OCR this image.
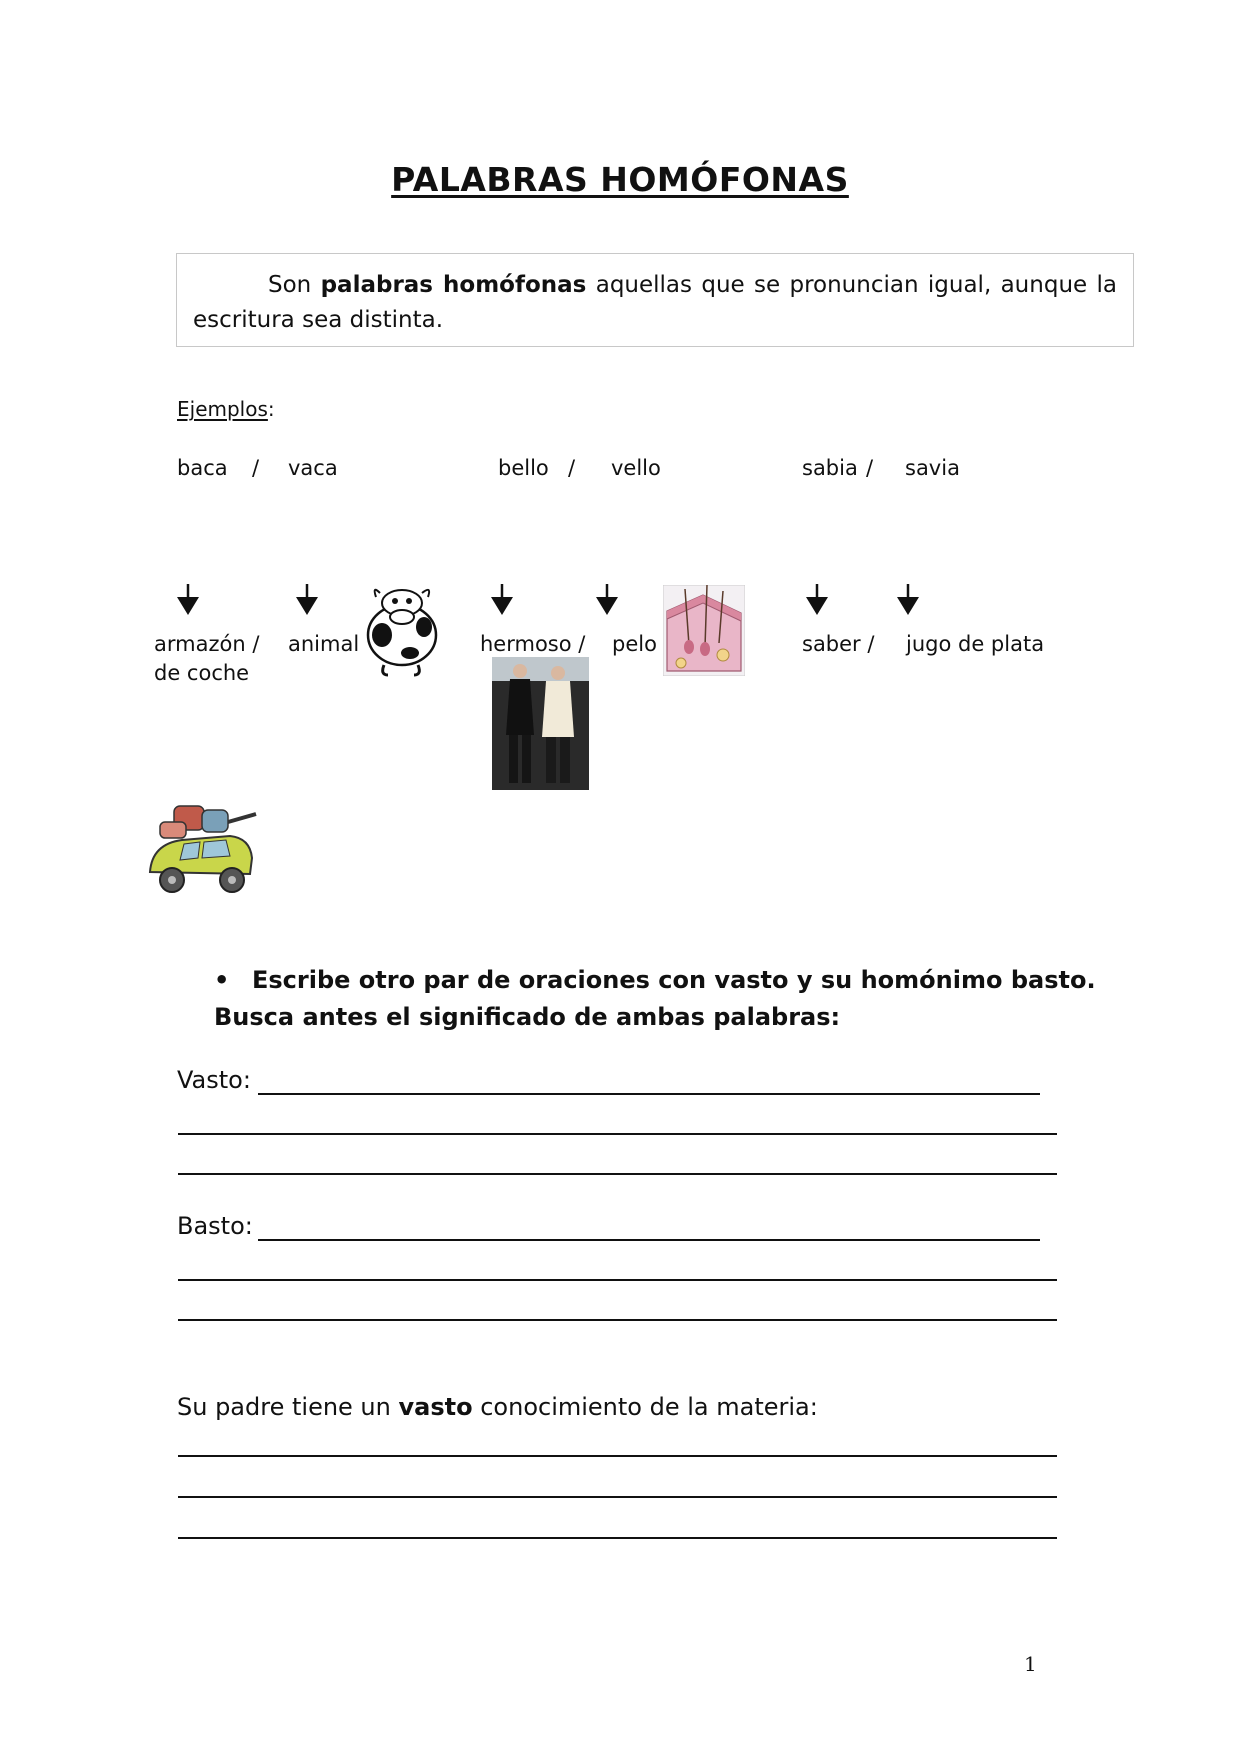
PALABRAS HOMÓFONAS
Son palabras homófonas aquellas que se pronuncian igual, aunque la escritura sea distinta.
Ejemplos:
baca / vaca	bello / vello	sabia / savia
armazón /
de coche
animal	hermoso / pelo	saber / jugo de plata
• Escribe otro par de oraciones con vasto y su homónimo basto.
Busca antes el significado de ambas palabras:
Vasto:
Basto:
Su padre tiene un vasto conocimiento de la materia:
1
